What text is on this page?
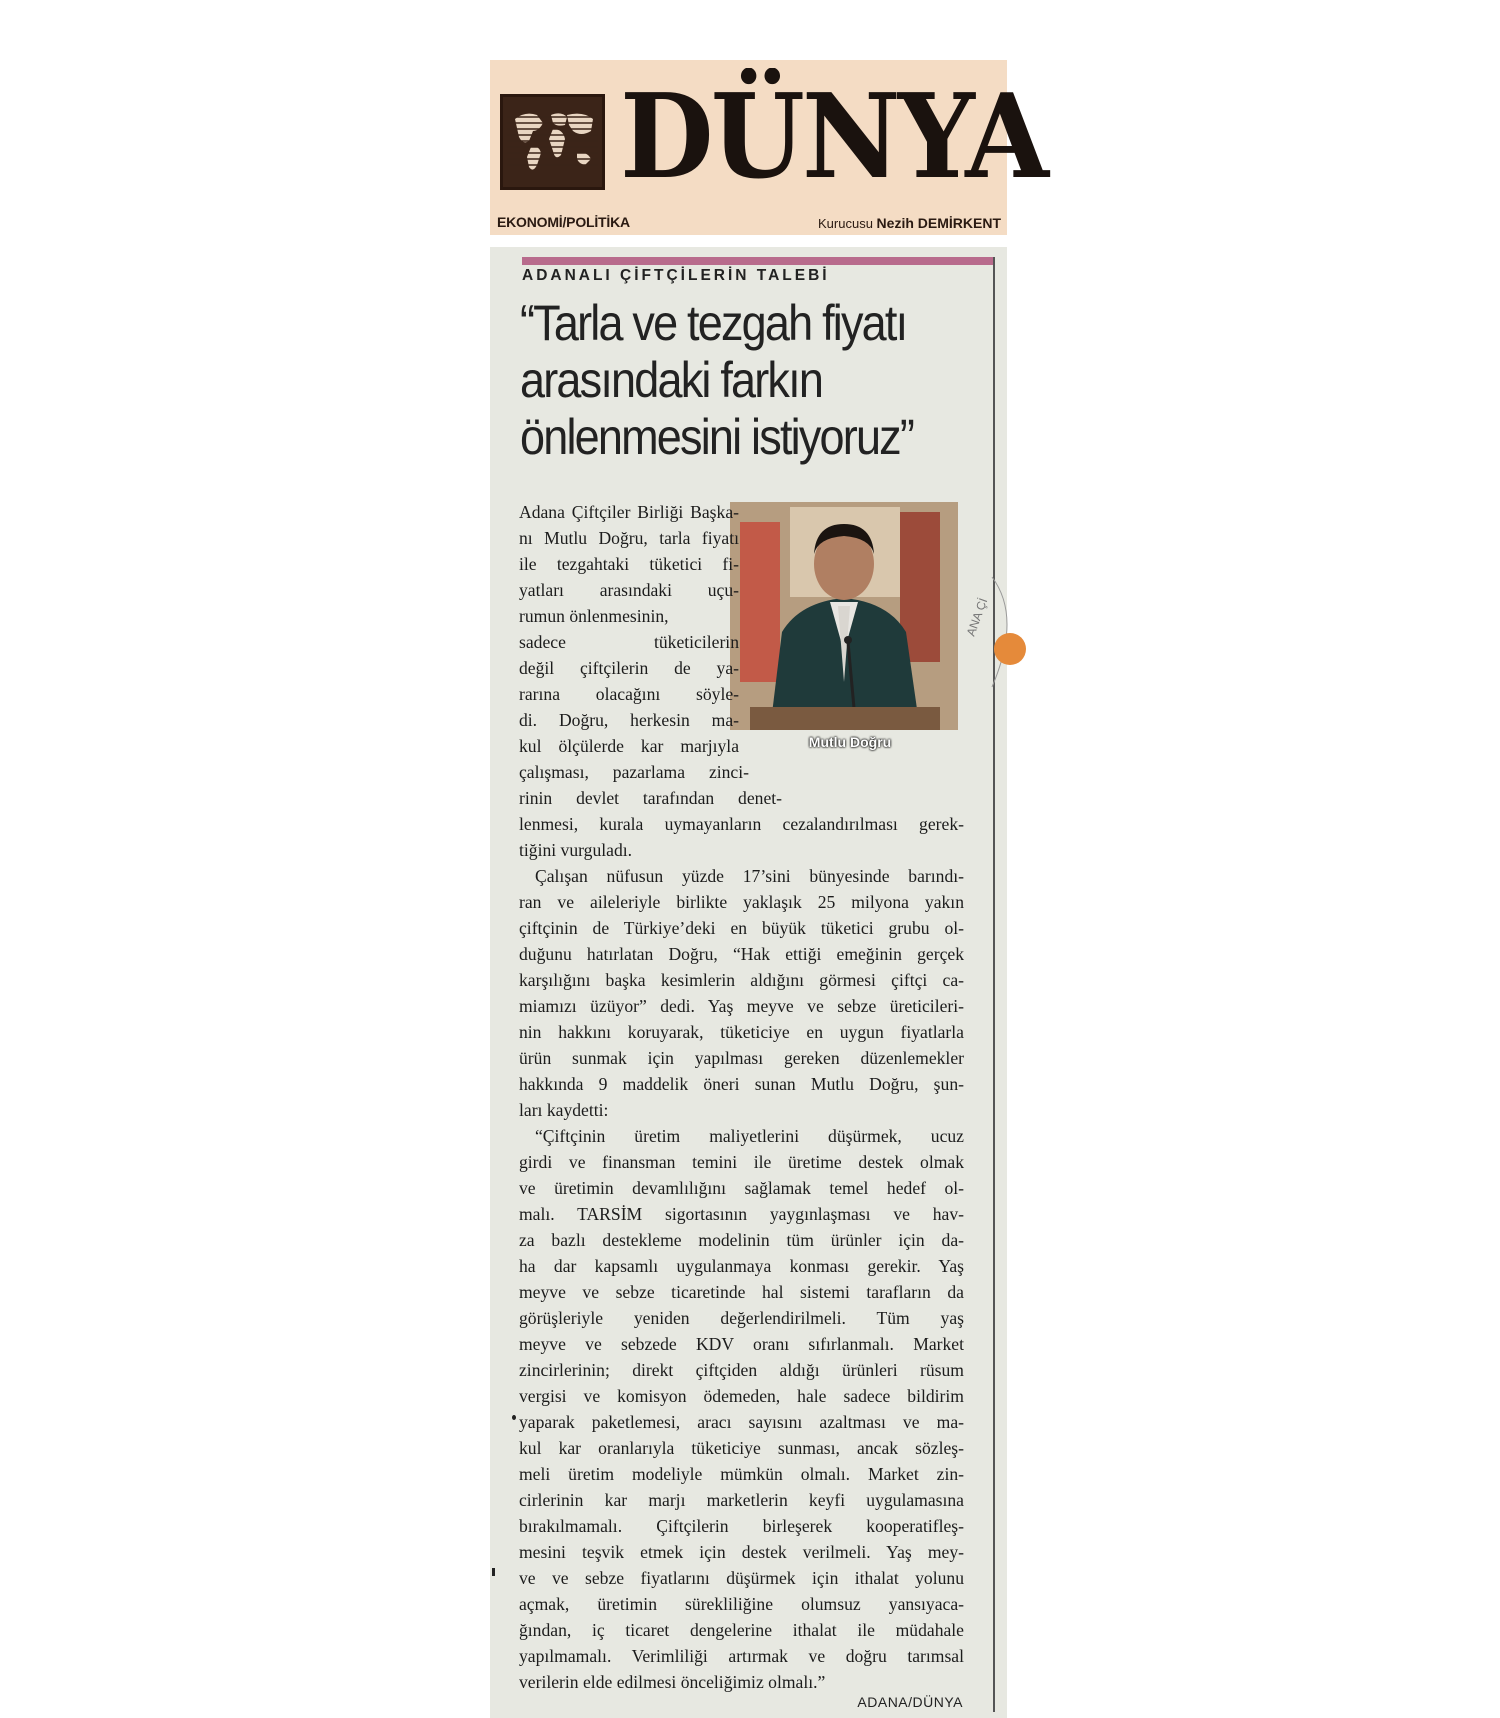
DÜNYA
EKONOMİ/POLİTİKA	Kurucusu Nezih DEMİRKENT
ADANALI ÇİFTÇİLERİN TALEBİ
“Tarla ve tezgah fiyatı
arasındaki farkın
önlenmesini istiyoruz”
Mutlu Doğru
ANA Çİ
Adana Çiftçiler Birliği Başka-
nı Mutlu Doğru, tarla fiyatı
ile tezgahtaki tüketici fi-
yatları arasındaki uçu-
rumun önlenmesinin,
sadece tüketicilerin
değil çiftçilerin de ya-
rarına olacağını söyle-
di. Doğru, herkesin ma-
kul ölçülerde kar marjıyla
çalışması, pazarlama zinci-
rinin devlet tarafından denet-
lenmesi, kurala uymayanların cezalandırılması gerek-
tiğini vurguladı.
Çalışan nüfusun yüzde 17’sini bünyesinde barındı-
ran ve aileleriyle birlikte yaklaşık 25 milyona yakın
çiftçinin de Türkiye’deki en büyük tüketici grubu ol-
duğunu hatırlatan Doğru, “Hak ettiği emeğinin gerçek
karşılığını başka kesimlerin aldığını görmesi çiftçi ca-
miamızı üzüyor” dedi. Yaş meyve ve sebze üreticileri-
nin hakkını koruyarak, tüketiciye en uygun fiyatlarla
ürün sunmak için yapılması gereken düzenlemekler
hakkında 9 maddelik öneri sunan Mutlu Doğru, şun-
ları kaydetti:
“Çiftçinin üretim maliyetlerini düşürmek, ucuz
girdi ve finansman temini ile üretime destek olmak
ve üretimin devamlılığını sağlamak temel hedef ol-
malı. TARSİM sigortasının yaygınlaşması ve hav-
za bazlı destekleme modelinin tüm ürünler için da-
ha dar kapsamlı uygulanmaya konması gerekir. Yaş
meyve ve sebze ticaretinde hal sistemi tarafların da
görüşleriyle yeniden değerlendirilmeli. Tüm yaş
meyve ve sebzede KDV oranı sıfırlanmalı. Market
zincirlerinin; direkt çiftçiden aldığı ürünleri rüsum
vergisi ve komisyon ödemeden, hale sadece bildirim
yaparak paketlemesi, aracı sayısını azaltması ve ma-
kul kar oranlarıyla tüketiciye sunması, ancak sözleş-
meli üretim modeliyle mümkün olmalı. Market zin-
cirlerinin kar marjı marketlerin keyfi uygulamasına
bırakılmamalı. Çiftçilerin birleşerek kooperatifleş-
mesini teşvik etmek için destek verilmeli. Yaş mey-
ve ve sebze fiyatlarını düşürmek için ithalat yolunu
açmak, üretimin sürekliliğine olumsuz yansıyaca-
ğından, iç ticaret dengelerine ithalat ile müdahale
yapılmamalı. Verimliliği artırmak ve doğru tarımsal
verilerin elde edilmesi önceliğimiz olmalı.”
ADANA/DÜNYA
